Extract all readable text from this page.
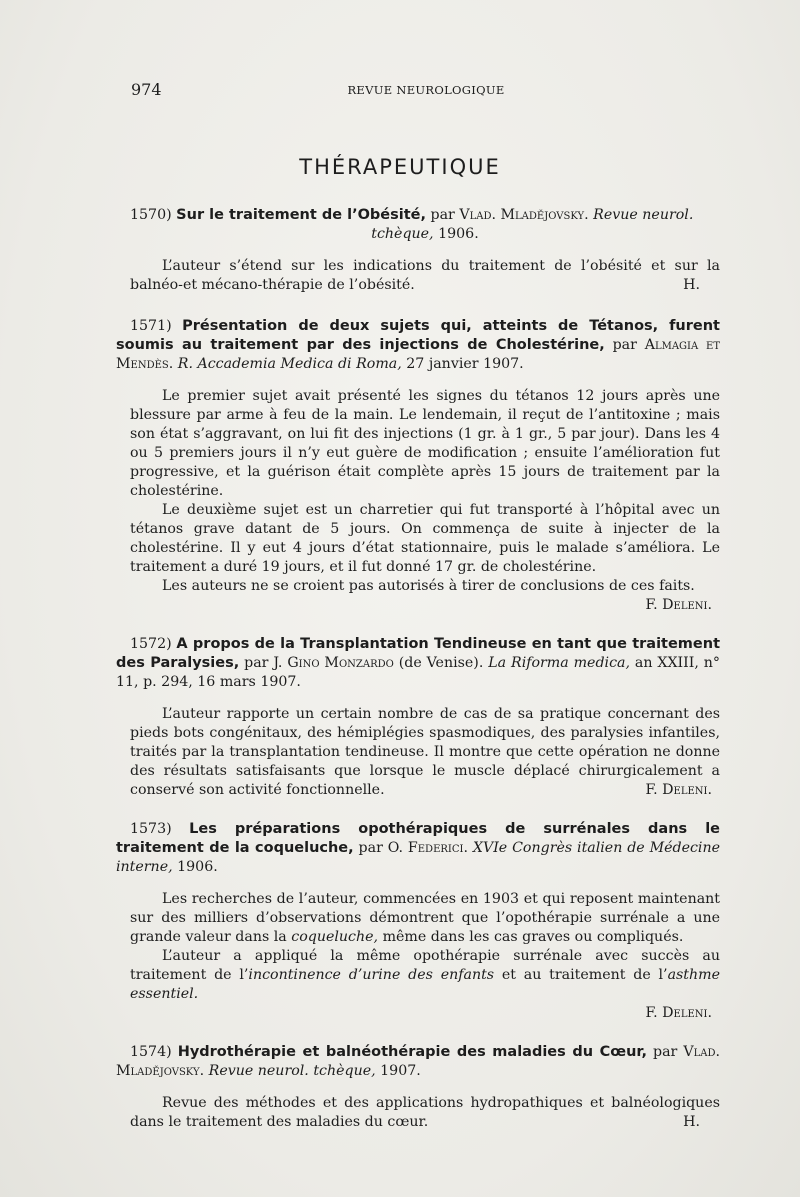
974	REVUE NEUROLOGIQUE
THÉRAPEUTIQUE
1570) Sur le traitement de l’Obésité, par Vlad. Mladějovsky. Revue neurol.
tchèque, 1906.

L’auteur s’étend sur les indications du traitement de l’obésité et sur la balnéo-et mécano-thérapie de l’obésité.	H.

1571) Présentation de deux sujets qui, atteints de Tétanos, furent soumis au traitement par des injections de Cholestérine, par Almagia et Mendès. R. Accademia Medica di Roma, 27 janvier 1907.

Le premier sujet avait présenté les signes du tétanos 12 jours après une blessure par arme à feu de la main. Le lendemain, il reçut de l’antitoxine ; mais son état s’aggravant, on lui fit des injections (1 gr. à 1 gr., 5 par jour). Dans les 4 ou 5 premiers jours il n’y eut guère de modification ; ensuite l’amélioration fut progressive, et la guérison était complète après 15 jours de traitement par la cholestérine.

Le deuxième sujet est un charretier qui fut transporté à l’hôpital avec un tétanos grave datant de 5 jours. On commença de suite à injecter de la cholestérine. Il y eut 4 jours d’état stationnaire, puis le malade s’améliora. Le traitement a duré 19 jours, et il fut donné 17 gr. de cholestérine.

Les auteurs ne se croient pas autorisés à tirer de conclusions de ces faits.

F. Deleni.
1572) A propos de la Transplantation Tendineuse en tant que traitement des Paralysies, par J. Gino Monzardo (de Venise). La Riforma medica, an XXIII, n° 11, p. 294, 16 mars 1907.

L’auteur rapporte un certain nombre de cas de sa pratique concernant des pieds bots congénitaux, des hémiplégies spasmodiques, des paralysies infantiles, traités par la transplantation tendineuse. Il montre que cette opération ne donne des résultats satisfaisants que lorsque le muscle déplacé chirurgicalement a conservé son activité fonctionnelle.	F. Deleni.

1573) Les préparations opothérapiques de surrénales dans le traitement de la coqueluche, par O. Federici. XVIe Congrès italien de Médecine interne, 1906.

Les recherches de l’auteur, commencées en 1903 et qui reposent maintenant sur des milliers d’observations démontrent que l’opothérapie surrénale a une grande valeur dans la coqueluche, même dans les cas graves ou compliqués.

L’auteur a appliqué la même opothérapie surrénale avec succès au traitement de l’incontinence d’urine des enfants et au traitement de l’asthme essentiel.

F. Deleni.
1574) Hydrothérapie et balnéothérapie des maladies du Cœur, par Vlad. Mladějovsky. Revue neurol. tchèque, 1907.

Revue des méthodes et des applications hydropathiques et balnéologiques dans le traitement des maladies du cœur.	H.
